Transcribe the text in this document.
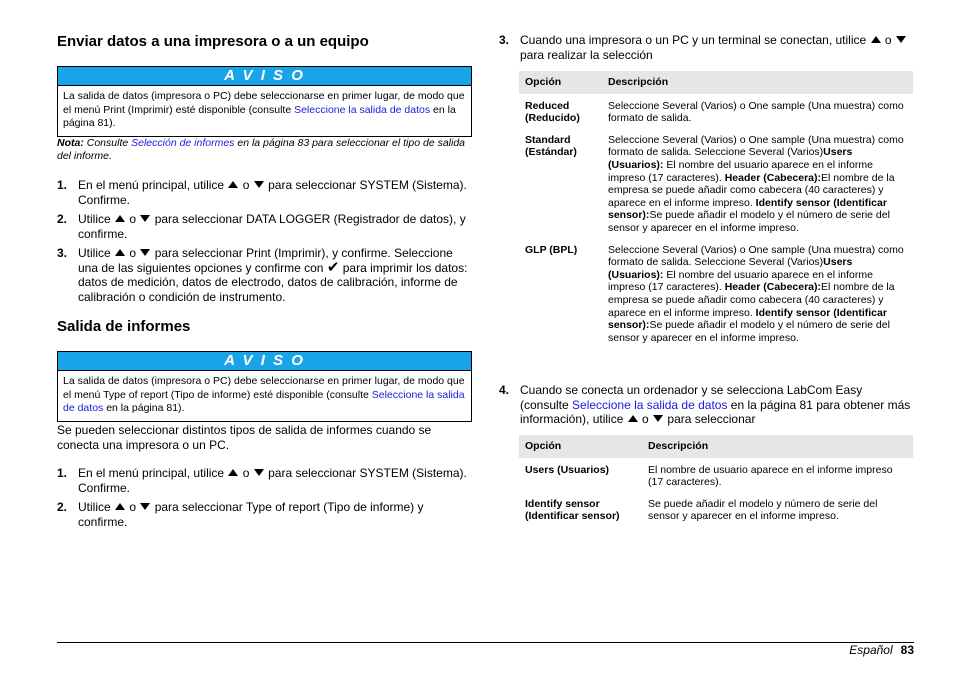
Enviar datos a una impresora o a un equipo
A V I S O
La salida de datos (impresora o PC) debe seleccionarse en primer lugar, de modo que el menú Print (Imprimir) esté disponible (consulte Seleccione la salida de datos en la página 81).
Nota: Consulte Selección de informes en la página 83 para seleccionar el tipo de salida del informe.
1. En el menú principal, utilice  o  para seleccionar SYSTEM (Sistema). Confirme.
2. Utilice  o  para seleccionar DATA LOGGER (Registrador de datos), y confirme.
3. Utilice  o  para seleccionar Print (Imprimir), y confirme. Seleccione una de las siguientes opciones y confirme con ✔ para imprimir los datos: datos de medición, datos de electrodo, datos de calibración, informe de calibración o condición de instrumento.
Salida de informes
A V I S O
La salida de datos (impresora o PC) debe seleccionarse en primer lugar, de modo que el menú Type of report (Tipo de informe) esté disponible (consulte Seleccione la salida de datos en la página 81).
Se pueden seleccionar distintos tipos de salida de informes cuando se conecta una impresora o un PC.
1. En el menú principal, utilice  o  para seleccionar SYSTEM (Sistema). Confirme.
2. Utilice  o  para seleccionar Type of report (Tipo de informe) y confirme.
3. Cuando una impresora o un PC y un terminal se conectan, utilice  o  para realizar la selección
Opción	Descripción
Reduced (Reducido)	Seleccione Several (Varios) o One sample (Una muestra) como formato de salida.
Standard (Estándar)	Seleccione Several (Varios) o One sample (Una muestra) como formato de salida. Seleccione Several (Varios)Users (Usuarios): El nombre del usuario aparece en el informe impreso (17 caracteres). Header (Cabecera):El nombre de la empresa se puede añadir como cabecera (40 caracteres) y aparece en el informe impreso. Identify sensor (Identificar sensor):Se puede añadir el modelo y el número de serie del sensor y aparecer en el informe impreso.
GLP (BPL)	Seleccione Several (Varios) o One sample (Una muestra) como formato de salida. Seleccione Several (Varios)Users (Usuarios): El nombre del usuario aparece en el informe impreso (17 caracteres). Header (Cabecera):El nombre de la empresa se puede añadir como cabecera (40 caracteres) y aparece en el informe impreso. Identify sensor (Identificar sensor):Se puede añadir el modelo y el número de serie del sensor y aparecer en el informe impreso.
4. Cuando se conecta un ordenador y se selecciona LabCom Easy (consulte Seleccione la salida de datos en la página 81 para obtener más información), utilice  o  para seleccionar
Opción	Descripción
Users (Usuarios)	El nombre de usuario aparece en el informe impreso (17 caracteres).
Identify sensor (Identificar sensor)	Se puede añadir el modelo y número de serie del sensor y aparecer en el informe impreso.
Español 83
